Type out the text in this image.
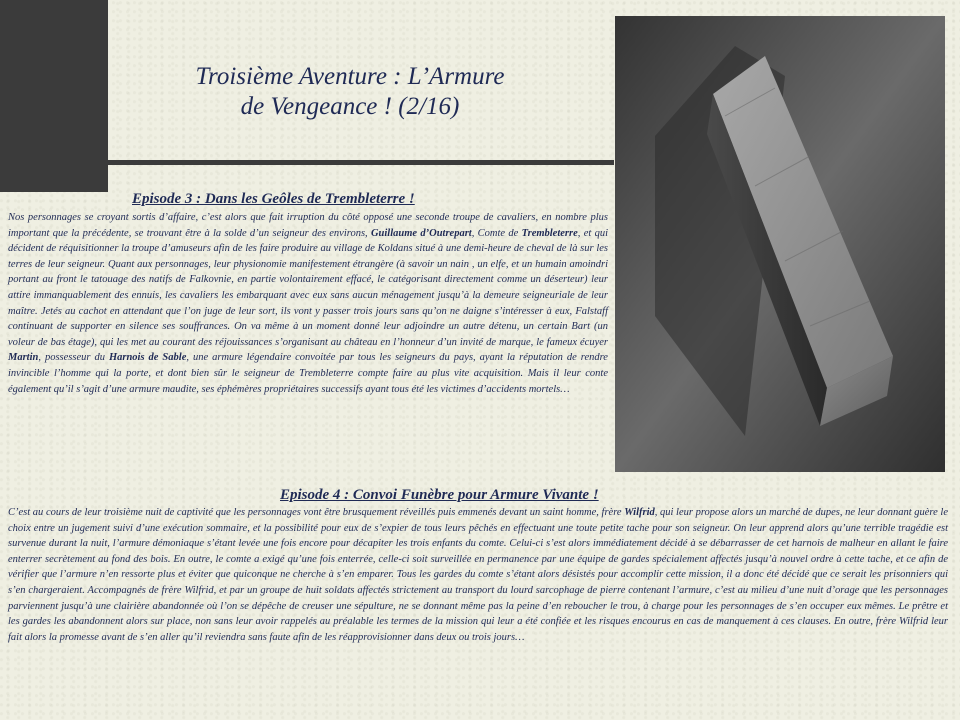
Troisième Aventure : L’Armure
de Vengeance ! (2/16)
Episode 3 : Dans les Geôles de Trembleterre !

Nos personnages se croyant sortis d’affaire, c’est alors que fait irruption du côté opposé une seconde troupe de cavaliers, en nombre plus important que la précédente, se trouvant être à la solde d’un seigneur des environs, Guillaume d’Outrepart, Comte de Trembleterre, et qui décident de réquisitionner la troupe d’amuseurs afin de les faire produire au village de Koldans situé à une demi-heure de cheval de là sur les terres de leur seigneur. Quant aux personnages, leur physionomie manifestement étrangère (à savoir un nain , un elfe, et un humain amoindri portant au front le tatouage des natifs de Falkovnie, en partie volontairement effacé, le catégorisant directement comme un déserteur) leur attire immanquablement des ennuis, les cavaliers les embarquant avec eux sans aucun ménagement jusqu’à la demeure seigneuriale de leur maître. Jetés au cachot en attendant que l’on juge de leur sort, ils vont y passer trois jours sans qu’on ne daigne s’intéresser à eux, Falstaff continuant de supporter en silence ses souffrances. On va même à un moment donné leur adjoindre un autre détenu, un certain Bart (un voleur de bas étage), qui les met au courant des réjouissances s’organisant au château en l’honneur d’un invité de marque, le fameux écuyer Martin, possesseur du Harnois de Sable, une armure légendaire convoitée par tous les seigneurs du pays, ayant la réputation de rendre invincible l’homme qui la porte, et dont bien sûr le seigneur de Trembleterre compte faire au plus vite acquisition. Mais il leur conte également qu’il s’agit d’une armure maudite, ses éphémères propriétaires successifs ayant tous été les victimes d’accidents mortels…

Episode 4 : Convoi Funèbre pour Armure Vivante !

C’est au cours de leur troisième nuit de captivité que les personnages vont être brusquement réveillés puis emmenés devant un saint homme, frère Wilfrid, qui leur propose alors un marché de dupes, ne leur donnant guère le choix entre un jugement suivi d’une exécution sommaire, et la possibilité pour eux de s’expier de tous leurs pêchés en effectuant une toute petite tache pour son seigneur. On leur apprend alors qu’une terrible tragédie est survenue durant la nuit, l’armure démoniaque s’étant levée une fois encore pour décapiter les trois enfants du comte. Celui-ci s’est alors immédiatement décidé à se débarrasser de cet harnois de malheur en allant le faire enterrer secrètement au fond des bois. En outre, le comte a exigé qu’une fois enterrée, celle-ci soit surveillée en permanence par une équipe de gardes spécialement affectés jusqu’à nouvel ordre à cette tache, et ce afin de vérifier que l’armure n’en ressorte plus et éviter que quiconque ne cherche à s’en emparer. Tous les gardes du comte s’étant alors désistés pour accomplir cette mission, il a donc été décidé que ce serait les prisonniers qui s’en chargeraient. Accompagnés de frère Wilfrid, et par un groupe de huit soldats affectés strictement au transport du lourd sarcophage de pierre contenant l’armure, c’est au milieu d’une nuit d’orage que les personnages parviennent jusqu’à une clairière abandonnée où l’on se dépêche de creuser une sépulture, ne se donnant même pas la peine d’en reboucher le trou, à charge pour les personnages de s’en occuper eux mêmes. Le prêtre et les gardes les abandonnent alors sur place, non sans leur avoir rappelés au préalable les termes de la mission qui leur a été confiée et les risques encourus en cas de manquement à ces clauses. En outre, frère Wilfrid leur fait alors la promesse avant de s’en aller qu’il reviendra sans faute afin de les réapprovisionner dans deux ou trois jours…
